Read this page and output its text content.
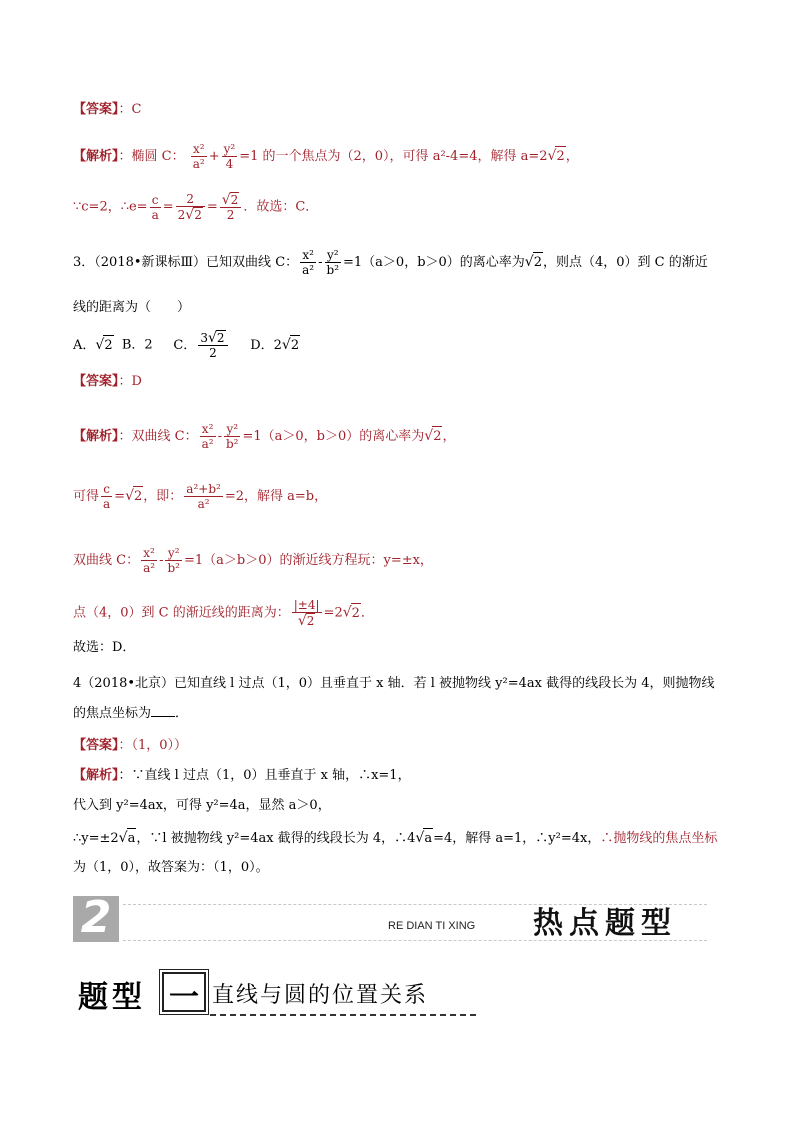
【答案】：C
【解析】：椭圆 C： $\frac{\text{x²}}{\text{a²}} + \frac{\text{y²}}{4} =1$ 的一个焦点为（2，0），可得 a²-4=4，解得 a=2√2，
∵c=2，∴e= $\frac{c}{a} = \frac{2}{2√2} = \frac{√2}{2}$ ．故选：C．
3．（2018•新课标Ⅲ）已知双曲线 C： $\frac{\text{x²}}{\text{a²}} - \frac{\text{y²}}{\text{b²}} =1(a>0$，b＞0）的离心率为√2，则点（4，0）到 C 的渐近
线的距离为（　　）
A．√2 B．2 C． $\frac{3√2}{2}$ D．2√2
【答案】：D
【解析】：双曲线 C： $\frac{\text{x²}}{\text{a²}} - \frac{\text{y²}}{\text{b²}} =1(a>0$，b＞0）的离心率为√2，
可得 $\frac{c}{a} =√2$，即： $\frac{\text{a²+b²}}{\text{a²}} =2$，解得 a=b，
双曲线 C： $\frac{\text{x²}}{\text{a²}} - \frac{\text{y²}}{\text{b²}} =1(a>b>0)$的渐近线方程玩：y=±x，
点（4，0）到 C 的渐近线的距离为： $\frac{|\pm 4|}{√2} =2√2$．
故选：D．
4（2018•北京）已知直线 l 过点（1，0）且垂直于 x 轴．若 l 被抛物线 y²=4ax 截得的线段长为 4，则抛物线
的焦点坐标为 ．
【答案】：（1，0））
【解析】：∵直线 l 过点（1，0）且垂直于 x 轴，∴x=1，
代入到 y²=4ax，可得 y²=4a，显然 a＞0，
∴y=±2√a，∵l 被抛物线 y²=4ax 截得的线段长为 4，∴4√a=4，解得 a=1，∴y²=4x，∴抛物线的焦点坐标
为（1，0），故答案为：（1，0）。
2	RE DIAN TI XING 热点题型
题型 一 直线与圆的位置关系
